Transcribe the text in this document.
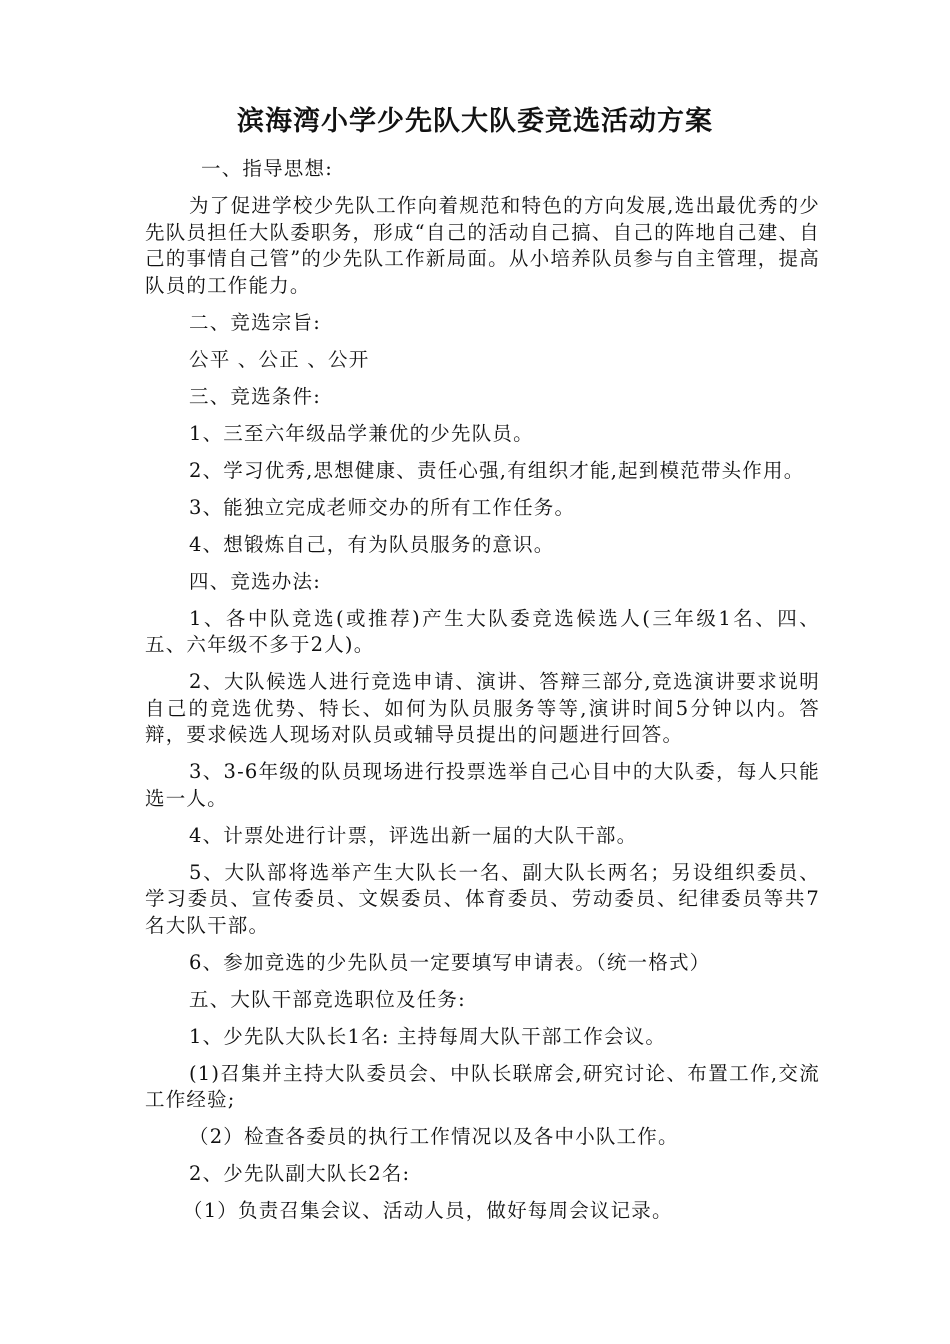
滨海湾小学少先队大队委竞选活动方案

一、指导思想:

为了促进学校少先队工作向着规范和特色的方向发展,选出最优秀的少先队员担任大队委职务，形成“自己的活动自己搞、自己的阵地自己建、自己的事情自己管”的少先队工作新局面。从小培养队员参与自主管理，提高队员的工作能力。

二、竞选宗旨:

公平 、公正 、公开

三、竞选条件:

1、三至六年级品学兼优的少先队员。

2、学习优秀,思想健康、责任心强,有组织才能,起到模范带头作用。

3、能独立完成老师交办的所有工作任务。

4、想锻炼自己，有为队员服务的意识。

四、竞选办法:

1、各中队竞选(或推荐)产生大队委竞选候选人(三年级1名、四、五、六年级不多于2人)。

2、大队候选人进行竞选申请、演讲、答辩三部分,竞选演讲要求说明自己的竞选优势、特长、如何为队员服务等等,演讲时间5分钟以内。答辩，要求候选人现场对队员或辅导员提出的问题进行回答。

3、3-6年级的队员现场进行投票选举自己心目中的大队委，每人只能选一人。

4、计票处进行计票，评选出新一届的大队干部。

5、大队部将选举产生大队长一名、副大队长两名；另设组织委员、学习委员、宣传委员、文娱委员、体育委员、劳动委员、纪律委员等共7名大队干部。

6、参加竞选的少先队员一定要填写申请表。（统一格式）

五、大队干部竞选职位及任务:

1、少先队大队长1名: 主持每周大队干部工作会议。

(1)召集并主持大队委员会、中队长联席会,研究讨论、布置工作,交流工作经验;

（2）检查各委员的执行工作情况以及各中小队工作。

2、少先队副大队长2名:

（1）负责召集会议、活动人员，做好每周会议记录。
